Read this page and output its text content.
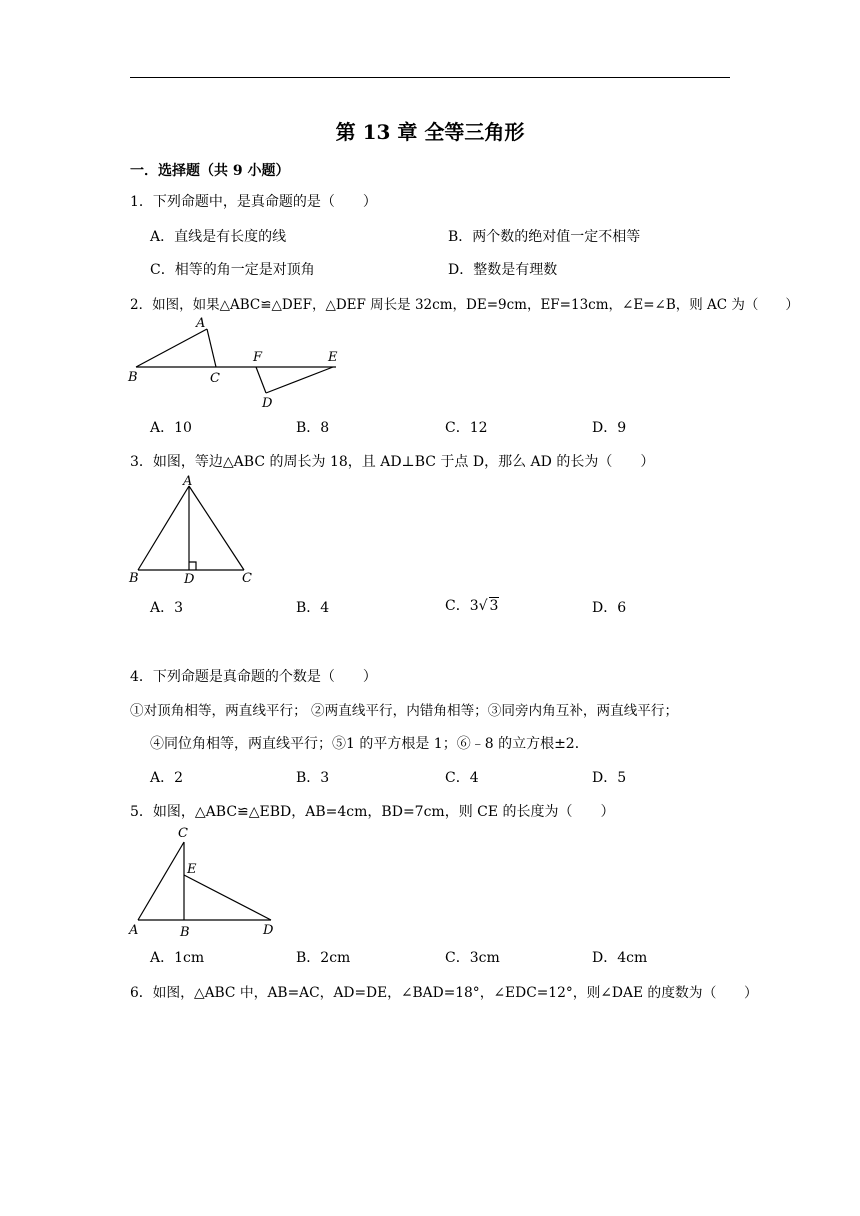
第 13 章 全等三角形
一．选择题（共 9 小题）
1．下列命题中，是真命题的是（　　）
A．直线是有长度的线	B．两个数的绝对值一定不相等
C．相等的角一定是对顶角	D．整数是有理数
2．如图，如果△ABC≌△DEF，△DEF 周长是 32cm，DE=9cm，EF=13cm，∠E=∠B，则 AC 为（　　）
A
B	C
F	E
D
A．10	B．8	C．12	D．9
3．如图，等边△ABC 的周长为 18，且 AD⊥BC 于点 D，那么 AD 的长为（　　）
A
B	D	C
A．3	B．4	C．3√ 3	D．6
4．下列命题是真命题的个数是（　　）
①对顶角相等，两直线平行； ②两直线平行，内错角相等；③同旁内角互补，两直线平行；
④同位角相等，两直线平行；⑤1 的平方根是 1；⑥﹣8 的立方根±2．
A．2	B．3	C．4	D．5
5．如图，△ABC≌△EBD，AB=4cm，BD=7cm，则 CE 的长度为（　　）
C
E
A	B	D
A．1cm	B．2cm	C．3cm	D．4cm
6．如图，△ABC 中，AB=AC，AD=DE，∠BAD=18°，∠EDC=12°，则∠DAE 的度数为（　　）
